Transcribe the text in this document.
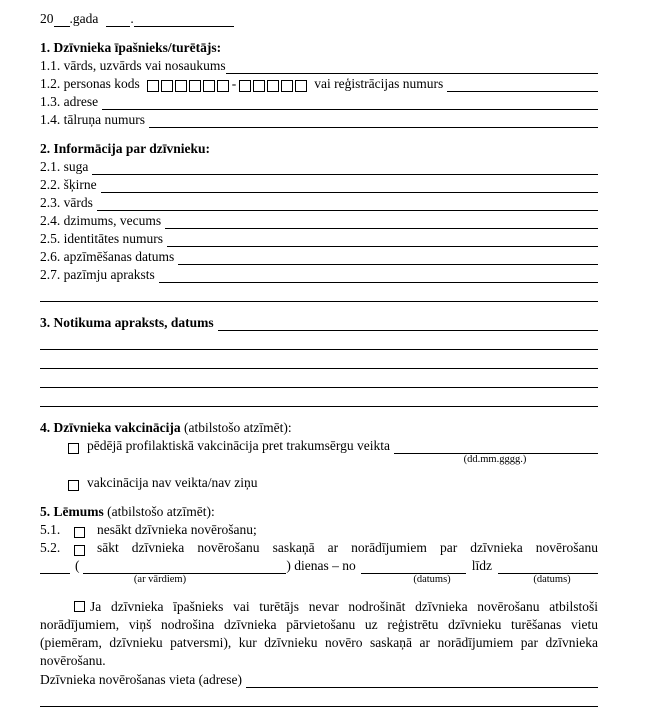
20 .gada .
1. Dzīvnieka īpašnieks/turētājs:
1.1. vārds, uzvārds vai nosaukums
1.2. personas kods	-	vai reģistrācijas numurs
1.3. adrese
1.4. tālruņa numurs
2. Informācija par dzīvnieku:
2.1. suga
2.2. šķirne
2.3. vārds
2.4. dzimums, vecums
2.5. identitātes numurs
2.6. apzīmēšanas datums
2.7. pazīmju apraksts
3. Notikuma apraksts, datums
4. Dzīvnieka vakcinācija (atbilstošo atzīmēt):
pēdējā profilaktiskā vakcinācija pret trakumsērgu veikta
(dd.mm.gggg.)
vakcinācija nav veikta/nav ziņu
5. Lēmums (atbilstošo atzīmēt):
5.1.	nesākt dzīvnieka novērošanu;
5.2.	sākt dzīvnieka novērošanu saskaņā ar norādījumiem par dzīvnieka novērošanu
(	) dienas – no	līdz
(ar vārdiem)	(datums)	(datums)
Ja dzīvnieka īpašnieks vai turētājs nevar nodrošināt dzīvnieka novērošanu atbilstoši norādījumiem, viņš nodrošina dzīvnieka pārvietošanu uz reģistrētu dzīvnieku turēšanas vietu (piemēram, dzīvnieku patversmi), kur dzīvnieku novēro saskaņā ar norādījumiem par dzīvnieka novērošanu.
Dzīvnieka novērošanas vieta (adrese)
